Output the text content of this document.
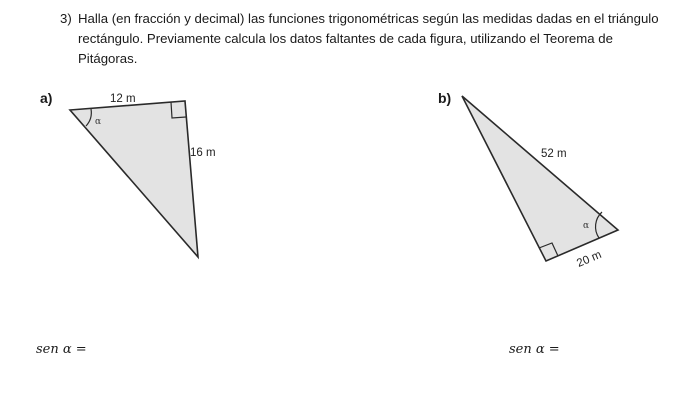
3) Halla (en fracción y decimal) las funciones trigonométricas según las medidas dadas en el triángulo rectángulo. Previamente calcula los datos faltantes de cada figura, utilizando el Teorema de Pitágoras.
a)	b)
α
12 m
16 m
α
52 m
20 m
sen α =	sen α =
